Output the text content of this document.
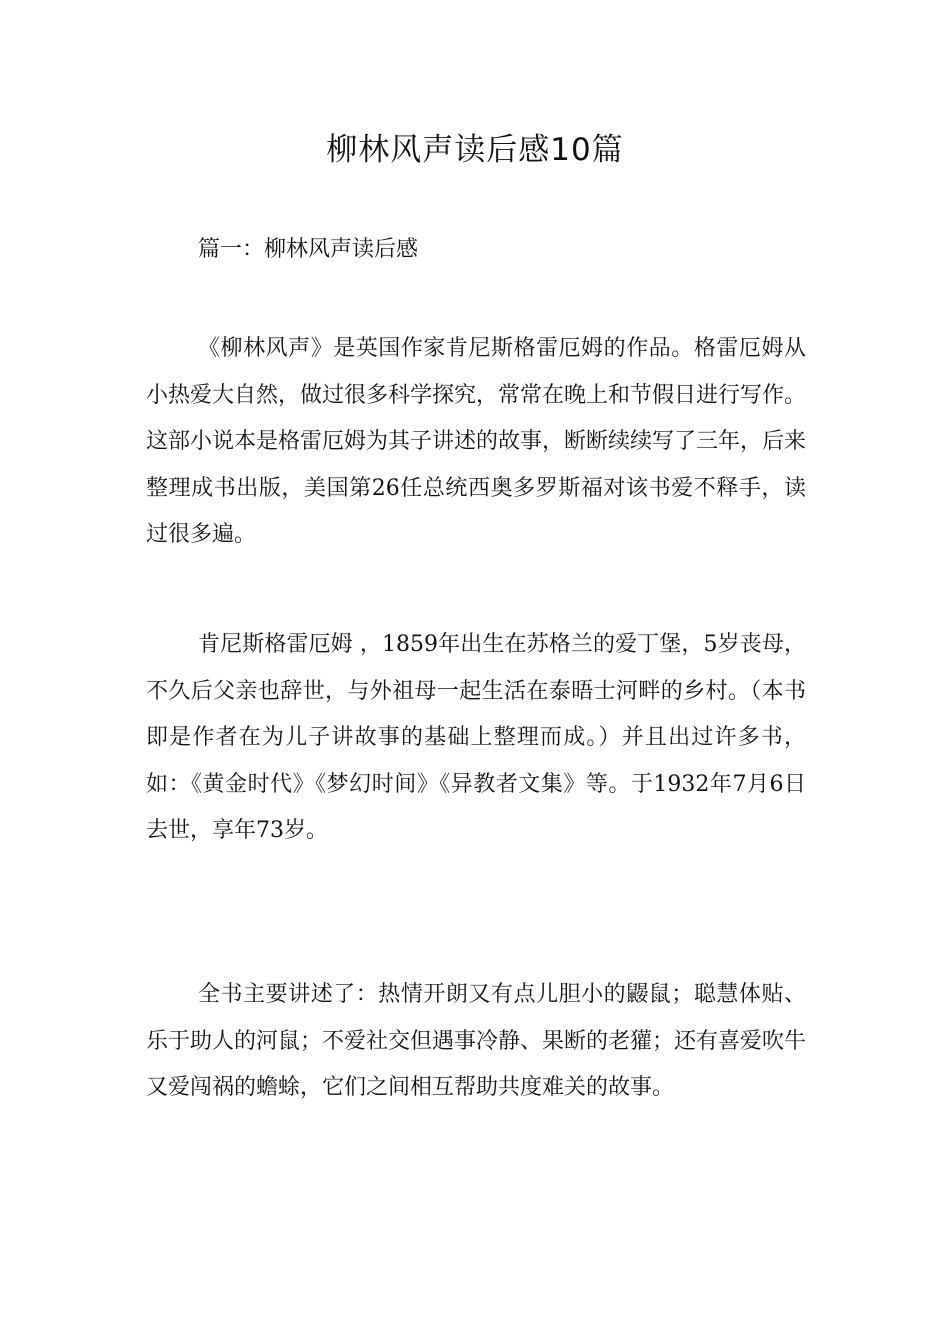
柳林风声读后感10篇
篇一：柳林风声读后感

《柳林风声》是英国作家肯尼斯格雷厄姆的作品。格雷厄姆从小热爱大自然，做过很多科学探究，常常在晚上和节假日进行写作。这部小说本是格雷厄姆为其子讲述的故事，断断续续写了三年，后来整理成书出版，美国第26任总统西奥多罗斯福对该书爱不释手，读过很多遍。

肯尼斯格雷厄姆 ，1859年出生在苏格兰的爱丁堡，5岁丧母，不久后父亲也辞世，与外祖母一起生活在泰晤士河畔的乡村。（本书即是作者在为儿子讲故事的基础上整理而成。）并且出过许多书，如：《黄金时代》《梦幻时间》《异教者文集》等。于1932年7月6日去世，享年73岁。

全书主要讲述了：热情开朗又有点儿胆小的鼹鼠；聪慧体贴、乐于助人的河鼠；不爱社交但遇事冷静、果断的老獾；还有喜爱吹牛又爱闯祸的蟾蜍，它们之间相互帮助共度难关的故事。
